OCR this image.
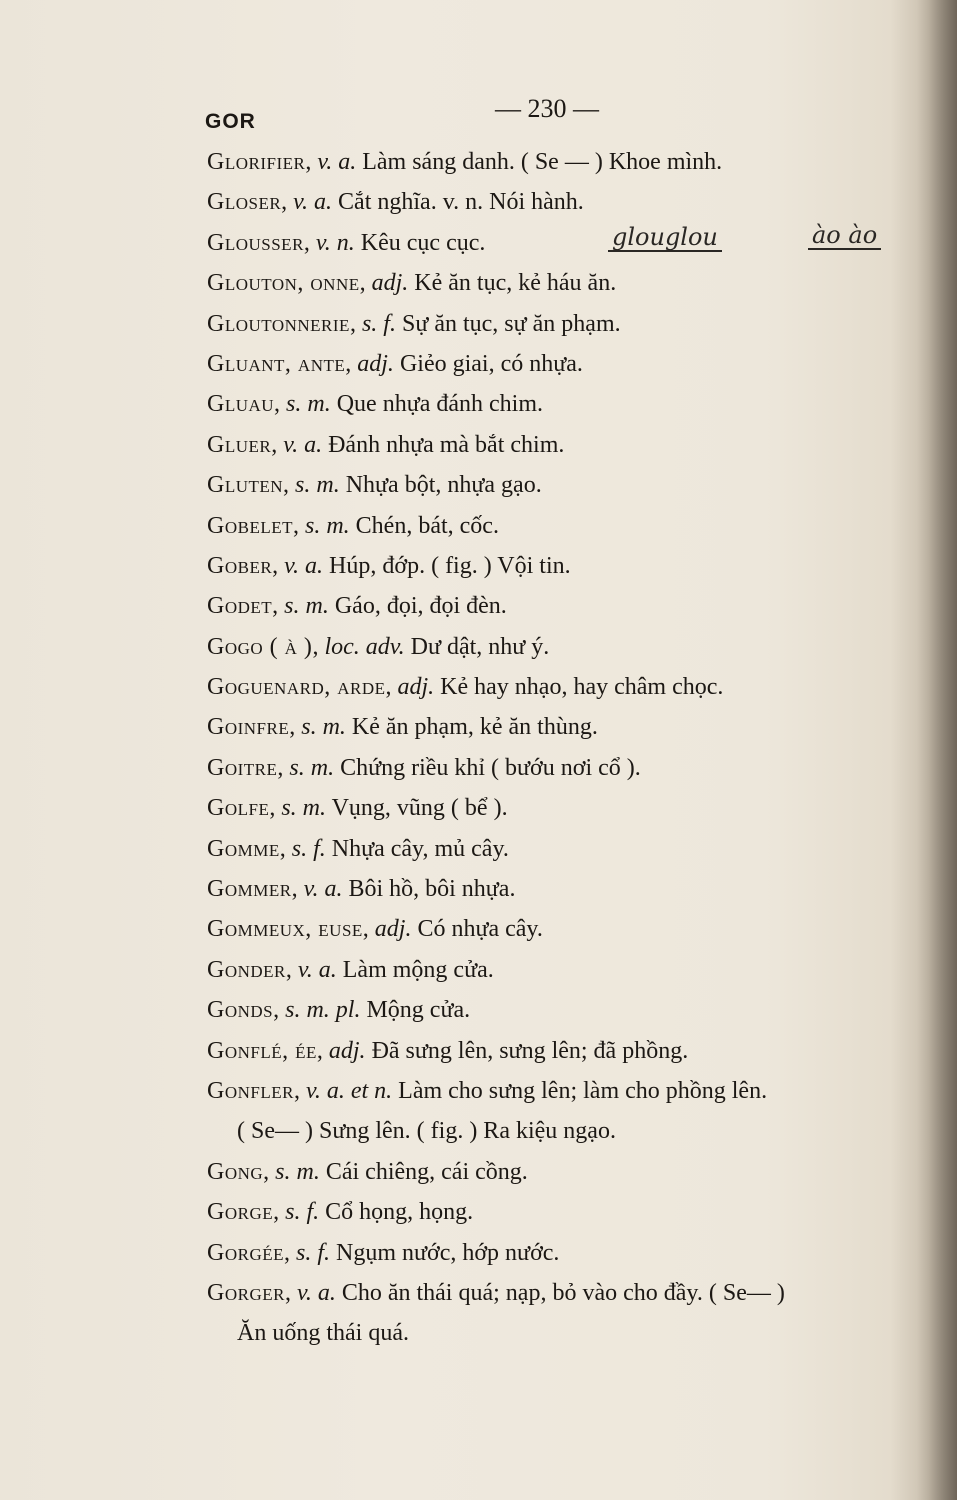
GOR	— 230 —
glouglou	ào ào
Glorifier, v. a. Làm sáng danh. ( Se — ) Khoe mình.
Gloser, v. a. Cắt nghĩa. v. n. Nói hành.
Glousser, v. n. Kêu cục cục.
Glouton, onne, adj. Kẻ ăn tục, kẻ háu ăn.
Gloutonnerie, s. f. Sự ăn tục, sự ăn phạm.
Gluant, ante, adj. Giẻo giai, có nhựa.
Gluau, s. m. Que nhựa đánh chim.
Gluer, v. a. Đánh nhựa mà bắt chim.
Gluten, s. m. Nhựa bột, nhựa gạo.
Gobelet, s. m. Chén, bát, cốc.
Gober, v. a. Húp, đớp. ( fig. ) Vội tin.
Godet, s. m. Gáo, đọi, đọi đèn.
Gogo ( à ), loc. adv. Dư dật, như ý.
Goguenard, arde, adj. Kẻ hay nhạo, hay châm chọc.
Goinfre, s. m. Kẻ ăn phạm, kẻ ăn thùng.
Goitre, s. m. Chứng riều khỉ ( bướu nơi cổ ).
Golfe, s. m. Vụng, vũng ( bể ).
Gomme, s. f. Nhựa cây, mủ cây.
Gommer, v. a. Bôi hồ, bôi nhựa.
Gommeux, euse, adj. Có nhựa cây.
Gonder, v. a. Làm mộng cửa.
Gonds, s. m. pl. Mộng cửa.
Gonflé, ée, adj. Đã sưng lên, sưng lên; đã phồng.
Gonfler, v. a. et n. Làm cho sưng lên; làm cho phồng lên.
( Se— ) Sưng lên. ( fig. ) Ra kiệu ngạo.
Gong, s. m. Cái chiêng, cái cồng.
Gorge, s. f. Cổ họng, họng.
Gorgée, s. f. Ngụm nước, hớp nước.
Gorger, v. a. Cho ăn thái quá; nạp, bỏ vào cho đầy. ( Se— )
Ăn uống thái quá.
